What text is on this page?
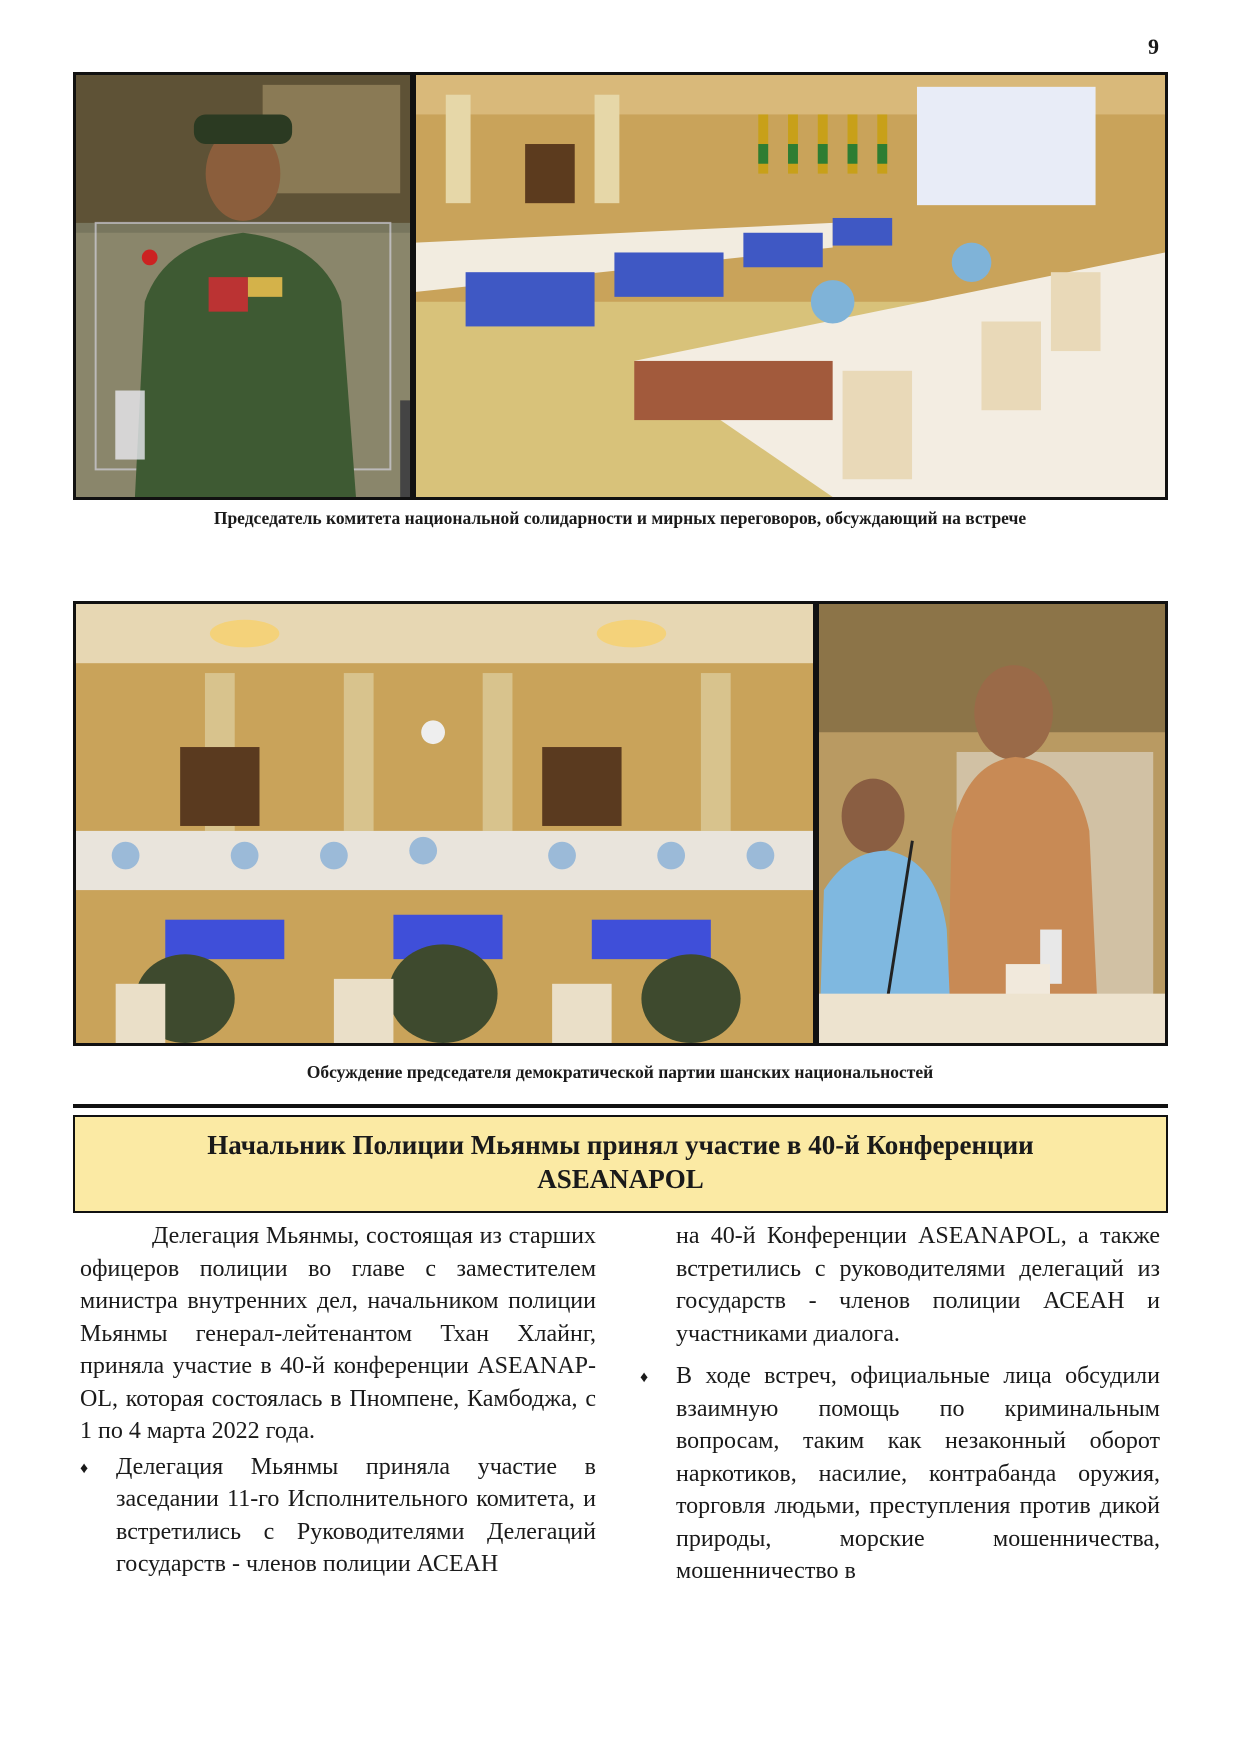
9
Председатель комитета национальной солидарности и мирных переговоров, обсуждающий на встрече
Обсуждение председателя демократической партии шанских национальностей
Начальник Полиции Мьянмы принял участие в 40-й Конференции
ASEANAPOL

Делегация Мьянмы, состоящая из старших офицеров полиции во главе с заместителем министра внутренних дел, начальником полиции Мьянмы генерал-лейтенантом Тхан Хлайнг, приняла участие в 40-й конференции ASEANAP-OL, которая состоялась в Пномпене, Камбоджа, с 1 по 4 марта 2022 года.

♦ Делегация Мьянмы приняла участие в заседании 11-го Исполнительного комитета, и встретились с Руководителями Делегаций государств - членов полиции АСЕАН
на 40-й Конференции ASEANAPOL, а также встретились с руководителями делегаций из государств - членов полиции АСЕАН и участниками диалога.
♦ В ходе встреч, официальные лица обсудили взаимную помощь по криминальным вопросам, таким как незаконный оборот наркотиков, насилие, контрабанда оружия, торговля людьми, преступления против дикой природы, морские мошенничества, мошенничество в
